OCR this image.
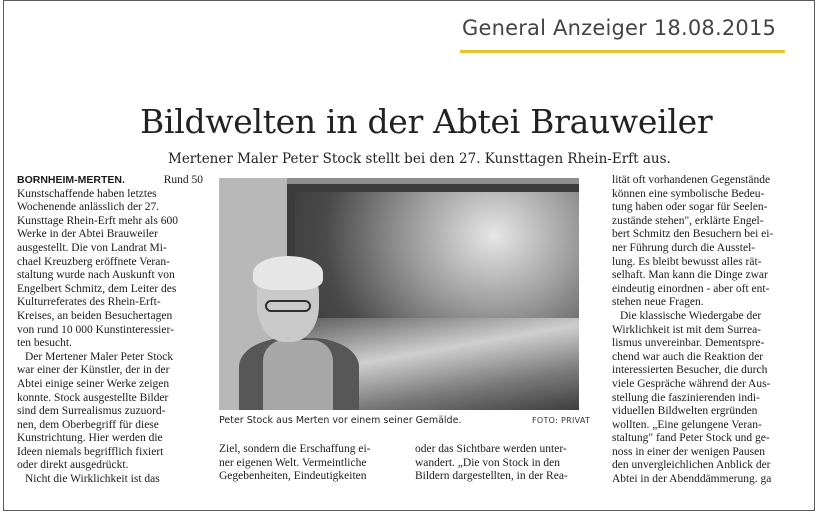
General Anzeiger 18.08.2015
Bildwelten in der Abtei Brauweiler
Mertener Maler Peter Stock stellt bei den 27. Kunsttagen Rhein-Erft aus.
BORNHEIM-MERTEN.	Rund 50
Kunstschaffende haben letztes
Wochenende anlässlich der 27.
Kunsttage Rhein-Erft mehr als 600
Werke in der Abtei Brauweiler
ausgestellt. Die von Landrat Mi-
chael Kreuzberg eröffnete Veran-
staltung wurde nach Auskunft von
Engelbert Schmitz, dem Leiter des
Kulturreferates des Rhein-Erft-
Kreises, an beiden Besuchertagen
von rund 10 000 Kunstinteressier-
ten besucht.
Der Mertener Maler Peter Stock
war einer der Künstler, der in der
Abtei einige seiner Werke zeigen
konnte. Stock ausgestellte Bilder
sind dem Surrealismus zuzuord-
nen, dem Oberbegriff für diese
Kunstrichtung. Hier werden die
Ideen niemals begrifflich fixiert
oder direkt ausgedrückt.
Nicht die Wirklichkeit ist das
Peter Stock aus Merten vor einem seiner Gemälde.	FOTO: PRIVAT
lität oft vorhandenen Gegenstände
können eine symbolische Bedeu-
tung haben oder sogar für Seelen-
zustände stehen", erklärte Engel-
bert Schmitz den Besuchern bei ei-
ner Führung durch die Ausstel-
lung. Es bleibt bewusst alles rät-
selhaft. Man kann die Dinge zwar
eindeutig einordnen - aber oft ent-
stehen neue Fragen.
Die klassische Wiedergabe der
Wirklichkeit ist mit dem Surrea-
lismus unvereinbar. Dementspre-
chend war auch die Reaktion der
interessierten Besucher, die durch
viele Gespräche während der Aus-
stellung die faszinierenden indi-
viduellen Bildwelten ergründen
wollten. „Eine gelungene Veran-
staltung" fand Peter Stock und ge-
noss in einer der wenigen Pausen
den unvergleichlichen Anblick der
Abtei in der Abenddämmerung. ga
Ziel, sondern die Erschaffung ei-
ner eigenen Welt. Vermeintliche
Gegebenheiten, Eindeutigkeiten
oder das Sichtbare werden unter-
wandert. „Die von Stock in den
Bildern dargestellten, in der Rea-
